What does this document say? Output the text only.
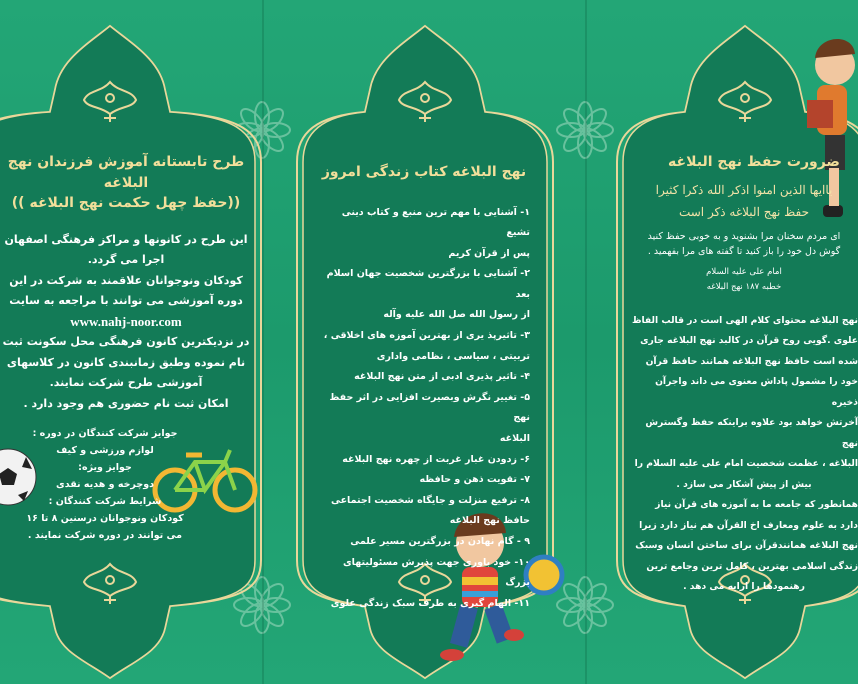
طرح تابستانه آموزش فرزندان نهج البلاغه
((حفظ چهل حکمت نهج البلاغه ))
این طرح در کانونها و مراکز فرهنگی اصفهان
اجرا می گردد.
کودکان ونوجوانان علاقمند به شرکت در این
دوره آموزشی می توانند با مراجعه به سایت
www.nahj-noor.com
در نزدیکترین کانون فرهنگی محل سکونت ثبت
نام نموده وطبق زمانبندی کانون در کلاسهای
آموزشی طرح شرکت نمایند.
امکان ثبت نام حضوری هم وجود دارد .
جوایز شرکت کنندگان در دوره :
لوازم ورزشی و کیف
جوایز ویژه:
دوچرخه و هدیه نقدی
شرایط شرکت کنندگان :
کودکان ونوجوانان درسنین ۸ تا ۱۶
می توانند در دوره شرکت نمایند .
نهج البلاغه کتاب زندگی امروز
۱- آشنایی با مهم ترین منبع و کتاب دینی تشیع
پس از قرآن کریم
۲- آشنایی با بزرگترین شخصیت جهان اسلام بعد
از رسول الله صل الله علیه وآله
۳- تاثیرپذ یری از بهترین آموزه های اخلاقی ،
تربیتی ، سیاسی ، نظامی واداری
۴- تاثیر پذیری ادبی از متن نهج البلاغه
۵- تغییر نگرش وبصیرت افزایی در اثر حفظ نهج
البلاغه
۶- زدودن غبار غربت از چهره نهج البلاغه
۷- تقویت ذهن و حافظه
۸- ترفیع منزلت و جایگاه شخصیت اجتماعی
حافظ نهج البلاغه
۹ - گام نهادن در بزرگترین مسیر علمی
۱۰- خود باوری جهت پذیرش مسئولیتهای بزرگ
۱۱- الهام گیری به طرف سبک زندگی علوی
ضرورت حفظ نهج البلاغه
یاایها الذین امنوا اذکر الله ذکرا کثیرا
حفظ نهج البلاغه ذکر است
ای مردم سخنان مرا بشنوید و به خوبی حفظ کنید
گوش دل خود را باز کنید تا گفته های مرا بفهمید .
امام علی علیه السلام
خطبه ۱۸۷ نهج البلاغه
نهج البلاغه محتوای کلام الهی است در قالب الفاظ
علوی .گویی روح قرآن در کالبد نهج البلاغه جاری
شده است حافظ نهج البلاغه همانند حافظ قرآن
خود را مشمول پاداش معنوی می داند واجرآن ذخیره
آخرتش خواهد بود علاوه براینکه حفظ وگسترش نهج
البلاغه ، عظمت شخصیت امام علی علیه السلام را
بیش از پیش آشکار می سازد .
همانطور که جامعه ما به آموزه های قرآن نیاز
دارد به علوم ومعارف اخ القرآن هم نیاز دارد زیرا
نهج البلاغه همانندقرآن برای ساختن انسان وسبک
زندگی اسلامی بهترین ، کامل ترین وجامع ترین
رهنمودها را ارایه می دهد .
